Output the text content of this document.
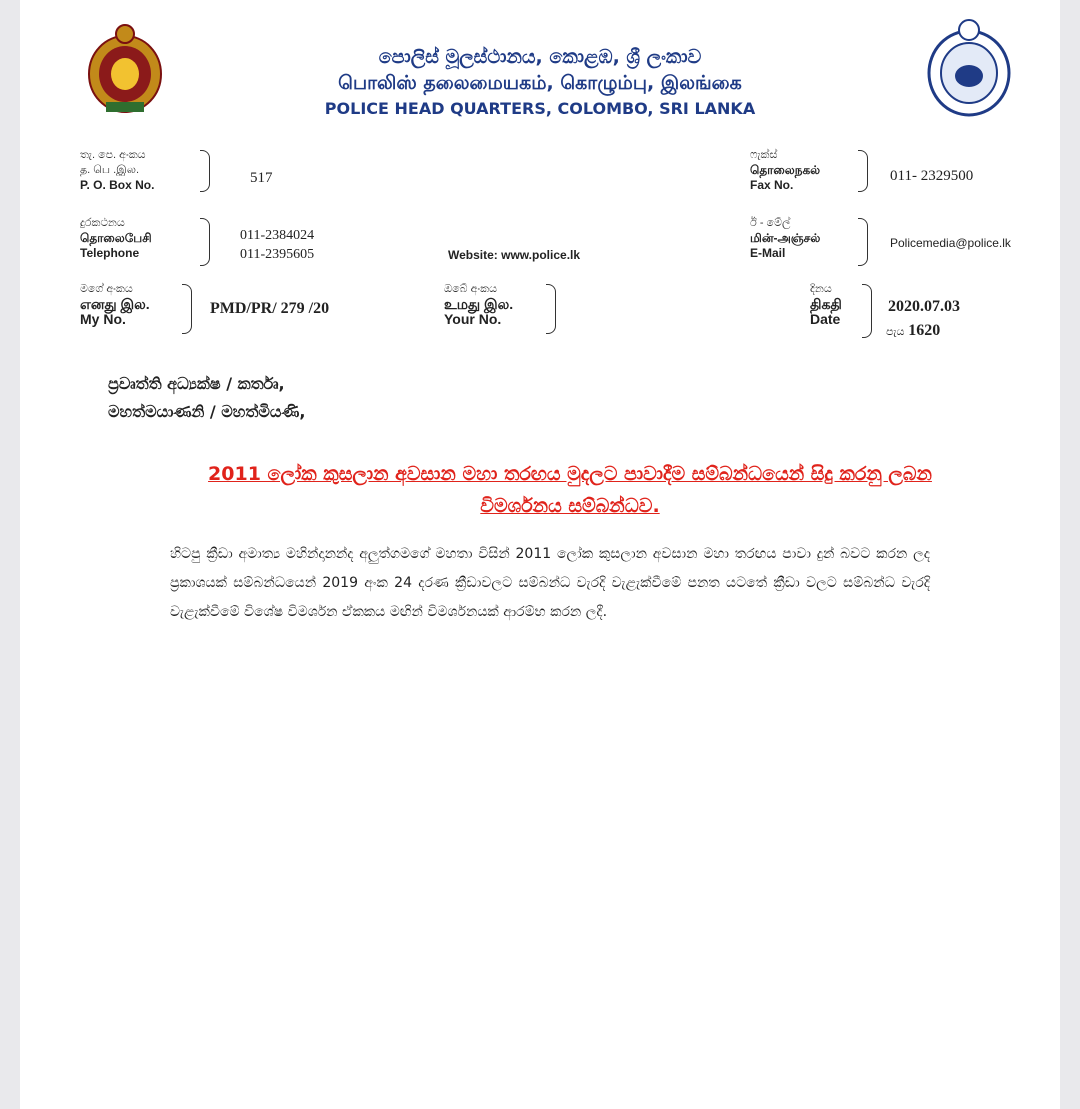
පොලිස් මූලස්ථානය, කොළඹ, ශ්‍රී ලංකාව
பொலிஸ் தலைமையகம், கொழும்பு, இலங்கை
POLICE HEAD QUARTERS, COLOMBO, SRI LANKA
තැ. පෙ. අංකය
த. பெ .இல.
P. O. Box No.	517
ෆැක්ස්
தொலைநகல்
Fax No.
011- 2329500
දුරකථනය
தொலைபேசி
Telephone
011-2384024
011-2395605	Website: www.police.lk
ඊ - මේල්
மின்-அஞ்சல்
E-Mail
Policemedia@police.lk
මගේ අංකය
எனது இல.
My No.
PMD/PR/ 279 /20
ඔබේ අංකය
உமது இல.
Your No.
දිනය
திகதி
Date
2020.07.03
පැය 1620
ප්‍රවෘත්ති අධ්‍යක්ෂ / කර්තෘ,
මහත්මයාණනි / මහත්මියණි,
2011 ලෝක කුසලාන අවසාන මහා තරඟය මුදලට පාවාදීම සම්බන්ධයෙන් සිදු කරනු ලබන විමර්ශනය සම්බන්ධව.
හිටපු ක්‍රීඩා අමාත්‍ය මහින්දානන්ද අලුත්ගමගේ මහතා විසින් 2011 ලෝක කුසලාන අවසාන මහා තරඟය පාවා දුන් බවට කරන ලද ප්‍රකාශයක් සම්බන්ධයෙන් 2019 අංක 24 දරණ ක්‍රීඩාවලට සම්බන්ධ වැරදි වැළැක්වීමේ පනත යටතේ ක්‍රීඩා වලට සම්බන්ධ වැරදි වැළැක්වීමේ විශේෂ විමර්ශන ඒකකය මඟින් විමර්ශනයක් ආරම්භ කරන ලදී.
